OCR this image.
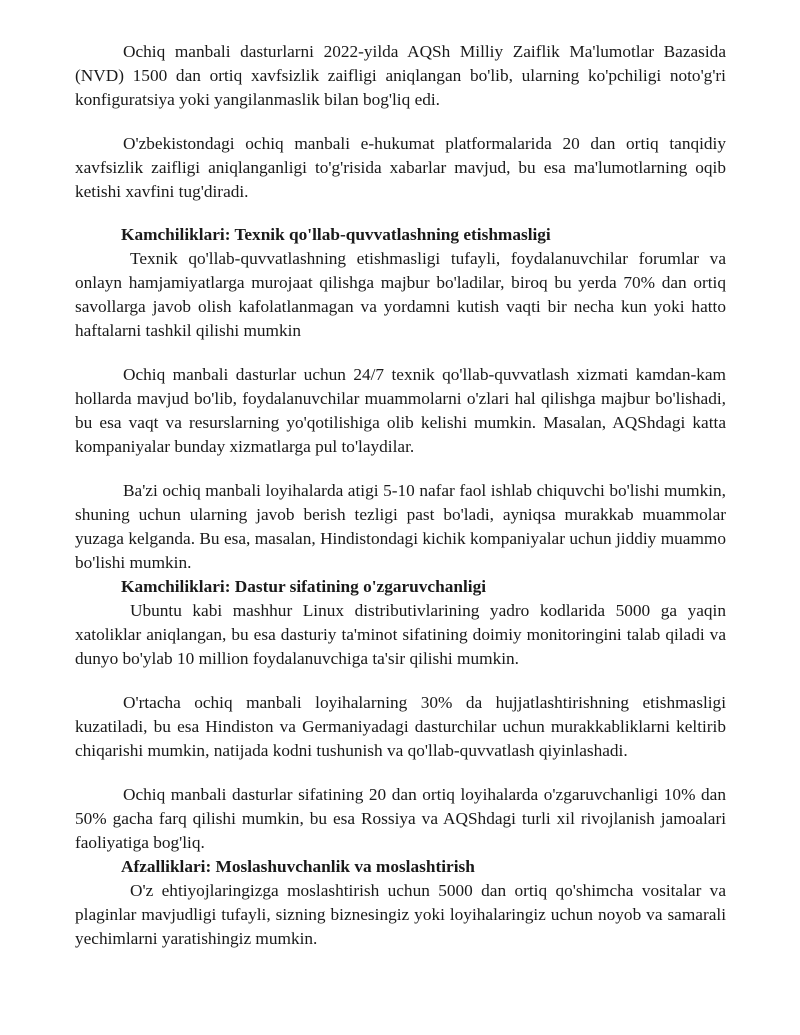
Ochiq manbali dasturlarni 2022-yilda AQSh Milliy Zaiflik Ma'lumotlar Bazasida (NVD) 1500 dan ortiq xavfsizlik zaifligi aniqlangan bo'lib, ularning ko'pchiligi noto'g'ri konfiguratsiya yoki yangilanmaslik bilan bog'liq edi.

O'zbekistondagi ochiq manbali e-hukumat platformalarida 20 dan ortiq tanqidiy xavfsizlik zaifligi aniqlanganligi to'g'risida xabarlar mavjud, bu esa ma'lumotlarning oqib ketishi xavfini tug'diradi.

Kamchiliklari: Texnik qo'llab-quvvatlashning etishmasligi

Texnik qo'llab-quvvatlashning etishmasligi tufayli, foydalanuvchilar forumlar va onlayn hamjamiyatlarga murojaat qilishga majbur bo'ladilar, biroq bu yerda 70% dan ortiq savollarga javob olish kafolatlanmagan va yordamni kutish vaqti bir necha kun yoki hatto haftalarni tashkil qilishi mumkin

Ochiq manbali dasturlar uchun 24/7 texnik qo'llab-quvvatlash xizmati kamdan-kam hollarda mavjud bo'lib, foydalanuvchilar muammolarni o'zlari hal qilishga majbur bo'lishadi, bu esa vaqt va resurslarning yo'qotilishiga olib kelishi mumkin. Masalan, AQShdagi katta kompaniyalar bunday xizmatlarga pul to'laydilar.

Ba'zi ochiq manbali loyihalarda atigi 5-10 nafar faol ishlab chiquvchi bo'lishi mumkin, shuning uchun ularning javob berish tezligi past bo'ladi, ayniqsa murakkab muammolar yuzaga kelganda. Bu esa, masalan, Hindistondagi kichik kompaniyalar uchun jiddiy muammo bo'lishi mumkin.

Kamchiliklari: Dastur sifatining o'zgaruvchanligi

Ubuntu kabi mashhur Linux distributivlarining yadro kodlarida 5000 ga yaqin xatoliklar aniqlangan, bu esa dasturiy ta'minot sifatining doimiy monitoringini talab qiladi va dunyo bo'ylab 10 million foydalanuvchiga ta'sir qilishi mumkin.

O'rtacha ochiq manbali loyihalarning 30% da hujjatlashtirishning etishmasligi kuzatiladi, bu esa Hindiston va Germaniyadagi dasturchilar uchun murakkabliklarni keltirib chiqarishi mumkin, natijada kodni tushunish va qo'llab-quvvatlash qiyinlashadi.

Ochiq manbali dasturlar sifatining 20 dan ortiq loyihalarda o'zgaruvchanligi 10% dan 50% gacha farq qilishi mumkin, bu esa Rossiya va AQShdagi turli xil rivojlanish jamoalari faoliyatiga bog'liq.

Afzalliklari: Moslashuvchanlik va moslashtirish

O'z ehtiyojlaringizga moslashtirish uchun 5000 dan ortiq qo'shimcha vositalar va plaginlar mavjudligi tufayli, sizning biznesingiz yoki loyihalaringiz uchun noyob va samarali yechimlarni yaratishingiz mumkin.
